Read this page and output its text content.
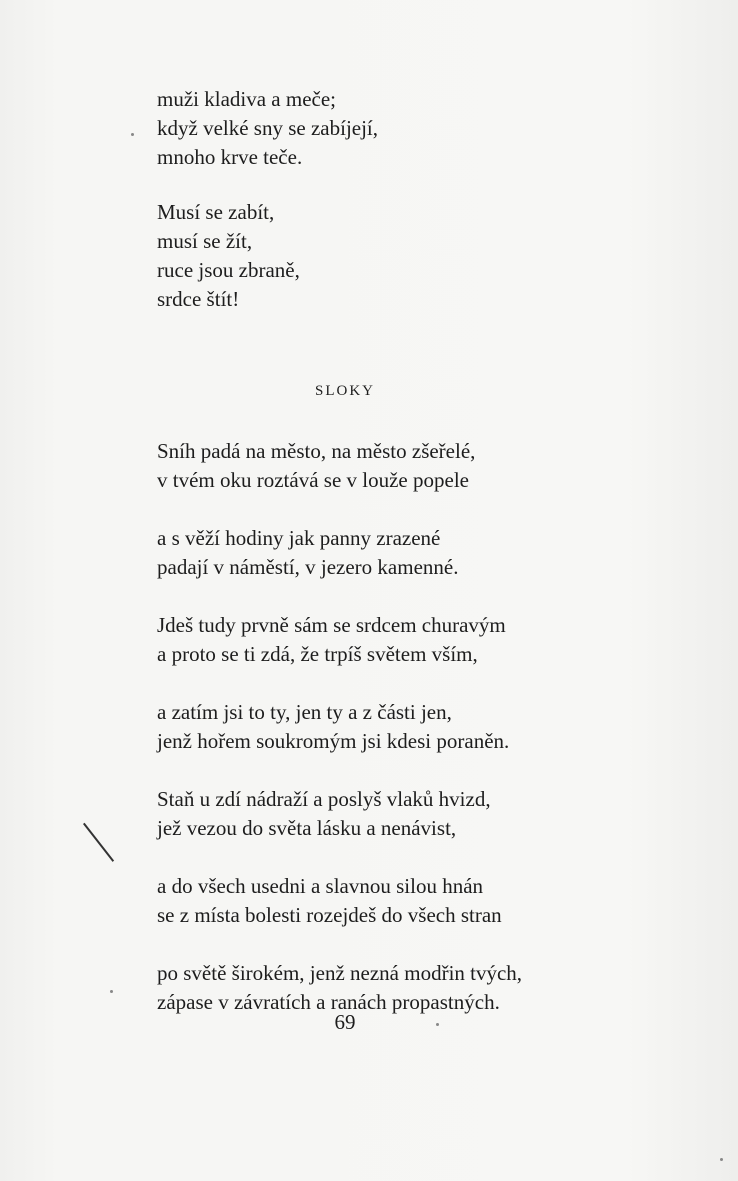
muži kladiva a meče;
když velké sny se zabíjejí,
mnoho krve teče.
Musí se zabít,
musí se žít,
ruce jsou zbraně,
srdce štít!
SLOKY
Sníh padá na město, na město zšeřelé,
v tvém oku roztává se v louže popele
a s věží hodiny jak panny zrazené
padají v náměstí, v jezero kamenné.
Jdeš tudy prvně sám se srdcem churavým
a proto se ti zdá, že trpíš světem vším,
a zatím jsi to ty, jen ty a z části jen,
jenž hořem soukromým jsi kdesi poraněn.
Staň u zdí nádraží a poslyš vlaků hvizd,
jež vezou do světa lásku a nenávist,
a do všech usedni a slavnou silou hnán
se z místa bolesti rozejdeš do všech stran
po světě širokém, jenž nezná modřin tvých,
zápase v závratích a ranách propastných.
69
